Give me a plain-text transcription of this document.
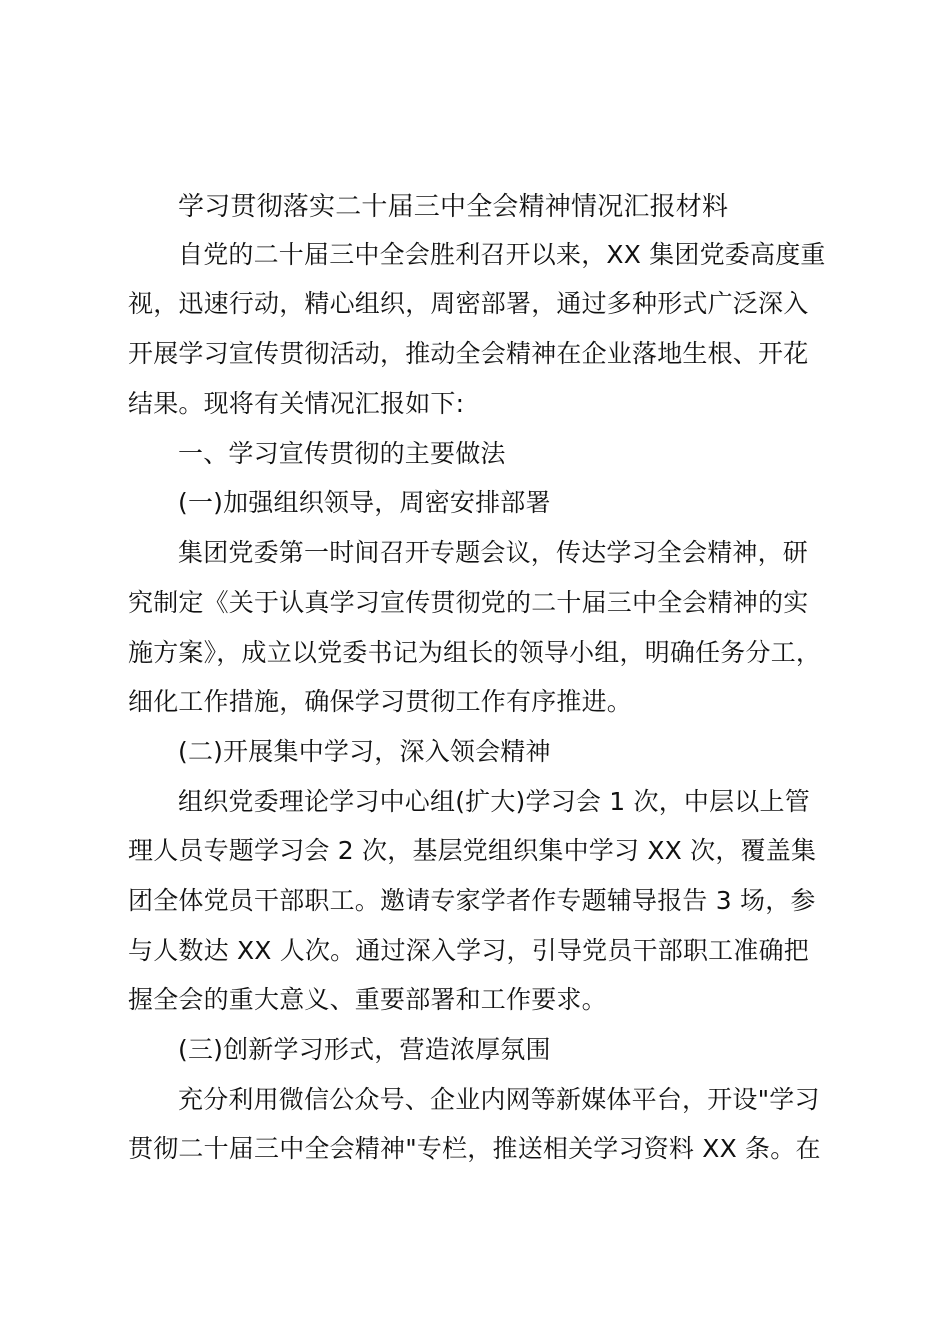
学习贯彻落实二十届三中全会精神情况汇报材料
自党的二十届三中全会胜利召开以来，XX 集团党委高度重
视，迅速行动，精心组织，周密部署，通过多种形式广泛深入
开展学习宣传贯彻活动，推动全会精神在企业落地生根、开花
结果。现将有关情况汇报如下:
一、学习宣传贯彻的主要做法
(一)加强组织领导，周密安排部署
集团党委第一时间召开专题会议，传达学习全会精神，研
究制定《关于认真学习宣传贯彻党的二十届三中全会精神的实
施方案》，成立以党委书记为组长的领导小组，明确任务分工，
细化工作措施，确保学习贯彻工作有序推进。
(二)开展集中学习，深入领会精神
组织党委理论学习中心组(扩大)学习会 1 次，中层以上管
理人员专题学习会 2 次，基层党组织集中学习 XX 次，覆盖集
团全体党员干部职工。邀请专家学者作专题辅导报告 3 场，参
与人数达 XX 人次。通过深入学习，引导党员干部职工准确把
握全会的重大意义、重要部署和工作要求。
(三)创新学习形式，营造浓厚氛围
充分利用微信公众号、企业内网等新媒体平台，开设"学习
贯彻二十届三中全会精神"专栏，推送相关学习资料 XX 条。在
